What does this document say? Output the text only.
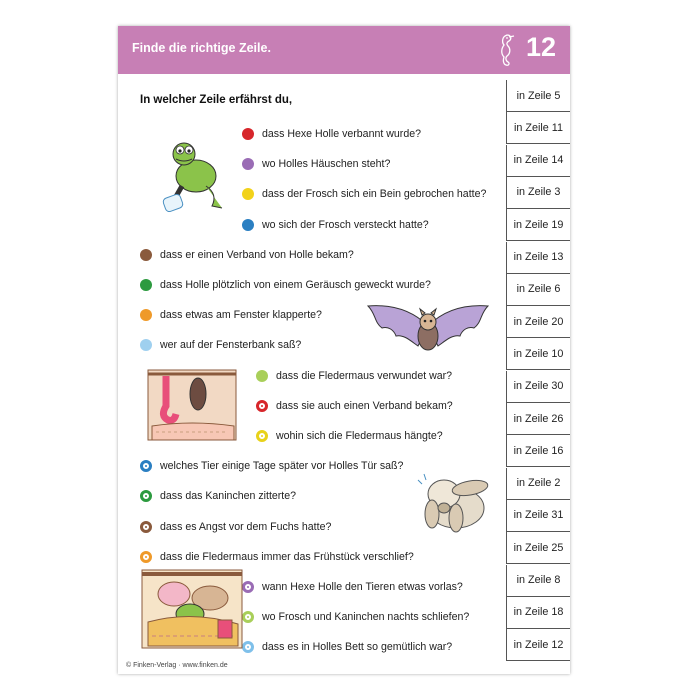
Finde die richtige Zeile.	12
In welcher Zeile erfährst du,
dass Hexe Holle verbannt wurde?
wo Holles Häuschen steht?
dass der Frosch sich ein Bein gebrochen hatte?
wo sich der Frosch versteckt hatte?
dass er einen Verband von Holle bekam?
dass Holle plötzlich von einem Geräusch geweckt wurde?
dass etwas am Fenster klapperte?
wer auf der Fensterbank saß?
dass die Fledermaus verwundet war?
dass sie auch einen Verband bekam?
wohin sich die Fledermaus hängte?
welches Tier einige Tage später vor Holles Tür saß?
dass das Kaninchen zitterte?
dass es Angst vor dem Fuchs hatte?
dass die Fledermaus immer das Frühstück verschlief?
wann Hexe Holle den Tieren etwas vorlas?
wo Frosch und Kaninchen nachts schliefen?
dass es in Holles Bett so gemütlich war?
in Zeile 5
in Zeile 11
in Zeile 14
in Zeile 3
in Zeile 19
in Zeile 13
in Zeile 6
in Zeile 20
in Zeile 10
in Zeile 30
in Zeile 26
in Zeile 16
in Zeile 2
in Zeile 31
in Zeile 25
in Zeile 8
in Zeile 18
in Zeile 12
© Finken-Verlag · www.finken.de
